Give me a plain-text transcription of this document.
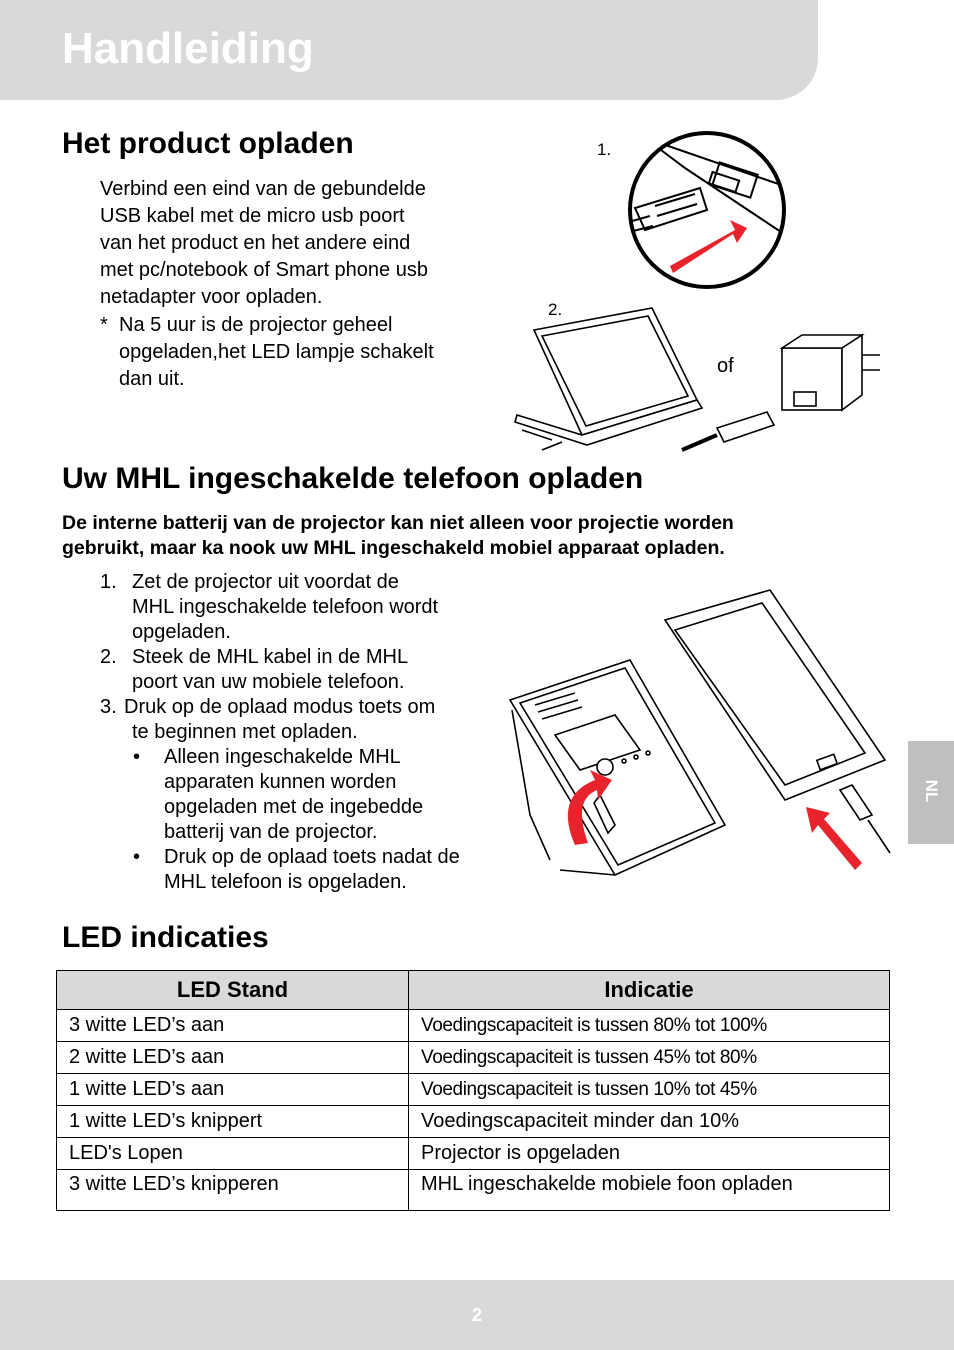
Handleiding
Het product opladen
Verbind een eind van de gebundelde
USB kabel met de micro usb poort
van het product en het andere eind
met pc/notebook of Smart phone usb
netadapter voor opladen.
* Na 5 uur is de projector geheel
opgeladen,het LED lampje schakelt
dan uit.
1.
2.
of
Uw MHL ingeschakelde telefoon opladen
De interne batterij van de projector kan niet alleen voor projectie worden
gebruikt, maar ka nook uw MHL ingeschakeld mobiel apparaat opladen.
1. Zet de projector uit voordat de
MHL ingeschakelde telefoon wordt
opgeladen.
2. Steek de MHL kabel in de MHL
poort van uw mobiele telefoon.
3. Druk op de oplaad modus toets om
te beginnen met opladen.
• Alleen ingeschakelde MHL
apparaten kunnen worden
opgeladen met de ingebedde
batterij van de projector.
• Druk op de oplaad toets nadat de
MHL telefoon is opgeladen.
LED indicaties
LED Stand	Indicatie
3 witte LED’s aan	Voedingscapaciteit is tussen 80% tot 100%
2 witte LED’s aan	Voedingscapaciteit is tussen 45% tot 80%
1 witte LED’s aan	Voedingscapaciteit is tussen 10% tot 45%
1 witte LED’s knippert	Voedingscapaciteit minder dan 10%
LED's Lopen	Projector is opgeladen
3 witte LED’s knipperen	MHL ingeschakelde mobiele foon opladen
NL
2
